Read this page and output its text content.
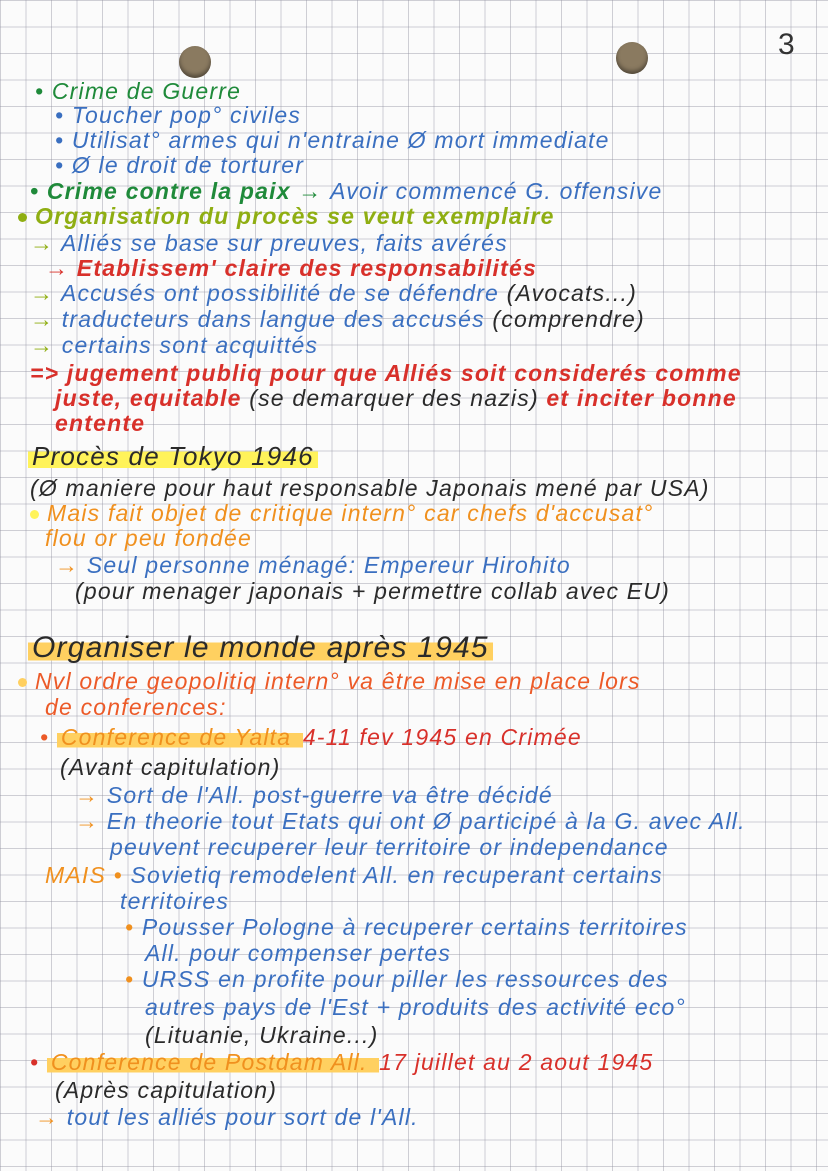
3
• Crime de Guerre
• Toucher pop° civiles
• Utilisat° armes qui n'entraine Ø mort immediate
• Ø le droit de torturer
• Crime contre la paix → Avoir commencé G. offensive
Organisation du procès se veut exemplaire
→ Alliés se base sur preuves, faits avérés
→ Etablissem' claire des responsabilités
→ Accusés ont possibilité de se défendre (Avocats...)
→ traducteurs dans langue des accusés (comprendre)
→ certains sont acquittés
=> jugement publiq pour que Alliés soit considerés comme
juste, equitable (se demarquer des nazis) et inciter bonne
entente
Procès de Tokyo 1946
(Ø maniere pour haut responsable Japonais mené par USA)
Mais fait objet de critique intern° car chefs d'accusat°
flou or peu fondée
→ Seul personne ménagé: Empereur Hirohito
(pour menager japonais + permettre collab avec EU)
Organiser le monde après 1945
Nvl ordre geopolitiq intern° va être mise en place lors
de conferences:
• Conference de Yalta 4-11 fev 1945 en Crimée
(Avant capitulation)
→ Sort de l'All. post-guerre va être décidé
→ En theorie tout Etats qui ont Ø participé à la G. avec All.
peuvent recuperer leur territoire or independance
MAIS • Sovietiq remodelent All. en recuperant certains
territoires
• Pousser Pologne à recuperer certains territoires
All. pour compenser pertes
• URSS en profite pour piller les ressources des
autres pays de l'Est + produits des activité eco°
(Lituanie, Ukraine...)
• Conference de Postdam All. 17 juillet au 2 aout 1945
(Après capitulation)
→ tout les alliés pour sort de l'All.
